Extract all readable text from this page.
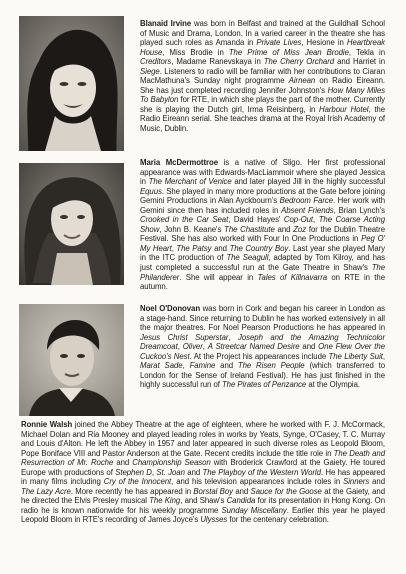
Blanaid Irvine was born in Belfast and trained at the Guildhall School of Music and Drama, London. In a varied career in the theatre she has played such roles as Amanda in Private Lives, Hesione in Heartbreak House, Miss Brodie in The Prime of Miss Jean Brodie, Tekla in Creditors, Madame Ranevskaya in The Cherry Orchard and Harriet in Siege. Listeners to radio will be familiar with her contributions to Ciaran MacMathuna's Sunday night programme Airnean on Radio Eireann. She has just completed recording Jennifer Johnston's How Many Miles To Babylon for RTE, in which she plays the part of the mother. Currently she is playing the Dutch girl, Irma Reisinberg, in Harbour Hotel, the Radio Eireann serial. She teaches drama at the Royal Irish Academy of Music, Dublin.

Maria McDermottroe is a native of Sligo. Her first professional appearance was with Edwards-MacLiammoir where she played Jessica in The Merchant of Venice and later played Jill in the highly successful Equus. She played in many more productions at the Gate before joining Gemini Productions in Alan Ayckbourn's Bedroom Farce. Her work with Gemini since then has included roles in Absent Friends, Brian Lynch's Crooked in the Car Seat, David Hayes' Cop-Out, The Coarse Acting Show, John B. Keane's The Chastitute and Zoz for the Dublin Theatre Festival. She has also worked with Four In One Productions in Peg O' My Heart, The Patsy and The Country Boy. Last year she played Mary in the ITC production of The Seagull, adapted by Tom Kilroy, and has just completed a successful run at the Gate Theatre in Shaw's The Philanderer. She will appear in Tales of Killnavarra on RTE in the autumn.

Noel O'Donovan was born in Cork and began his career in London as a stage-hand. Since returning to Dublin he has worked extensively in all the major theatres. For Noel Pearson Productions he has appeared in Jesus Christ Superstar, Joseph and the Amazing Technicolor Dreamcoat, Oliver, A Streetcar Named Desire and One Flew Over the Cuckoo's Nest. At the Project his appearances include The Liberty Suit, Marat Sade, Famine and The Risen People (which transferred to London for the Sense of Ireland Festival). He has just finished in the highly successful run of The Pirates of Penzance at the Olympia.

Ronnie Walsh joined the Abbey Theatre at the age of eighteen, where he worked with F. J. McCormack, Michael Dolan and Ria Mooney and played leading roles in works by Yeats, Synge, O'Casey, T. C. Murray and Louis d'Alton. He left the Abbey in 1957 and later appeared in such diverse roles as Leopold Bloom, Pope Boniface VIII and Pastor Anderson at the Gate. Recent credits include the title role in The Death and Resurrection of Mr. Roche and Championship Season with Broderick Crawford at the Gaiety. He toured Europe with productions of Stephen D, St. Joan and The Playboy of the Western World. He has appeared in many films including Cry of the Innocent, and his television appearances include roles in Sinners and The Lazy Acre. More recently he has appeared in Borstal Boy and Sauce for the Goose at the Gaiety, and he directed the Elvis Presley musical The King, and Shaw's Candida for its presentation in Hong Kong. On radio he is known nationwide for his weekly programme Sunday Miscellany. Earlier this year he played Leopold Bloom in RTE's recording of James Joyce's Ulysses for the centenary celebration.
